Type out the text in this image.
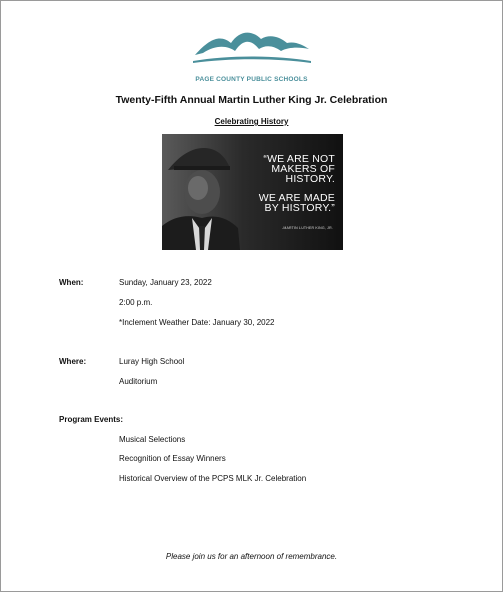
PAGE COUNTY PUBLIC SCHOOLS
Twenty-Fifth Annual Martin Luther King Jr. Celebration
Celebrating History
“WE ARE NOT
MAKERS OF
HISTORY.
WE ARE MADE
BY HISTORY.”
-MARTIN LUTHER KING, JR.
When:	Sunday, January 23, 2022
2:00 p.m.
*Inclement Weather Date: January 30, 2022
Where:	Luray High School
Auditorium
Program Events:
Musical Selections
Recognition of Essay Winners
Historical Overview of the PCPS MLK Jr. Celebration
Please join us for an afternoon of remembrance.
